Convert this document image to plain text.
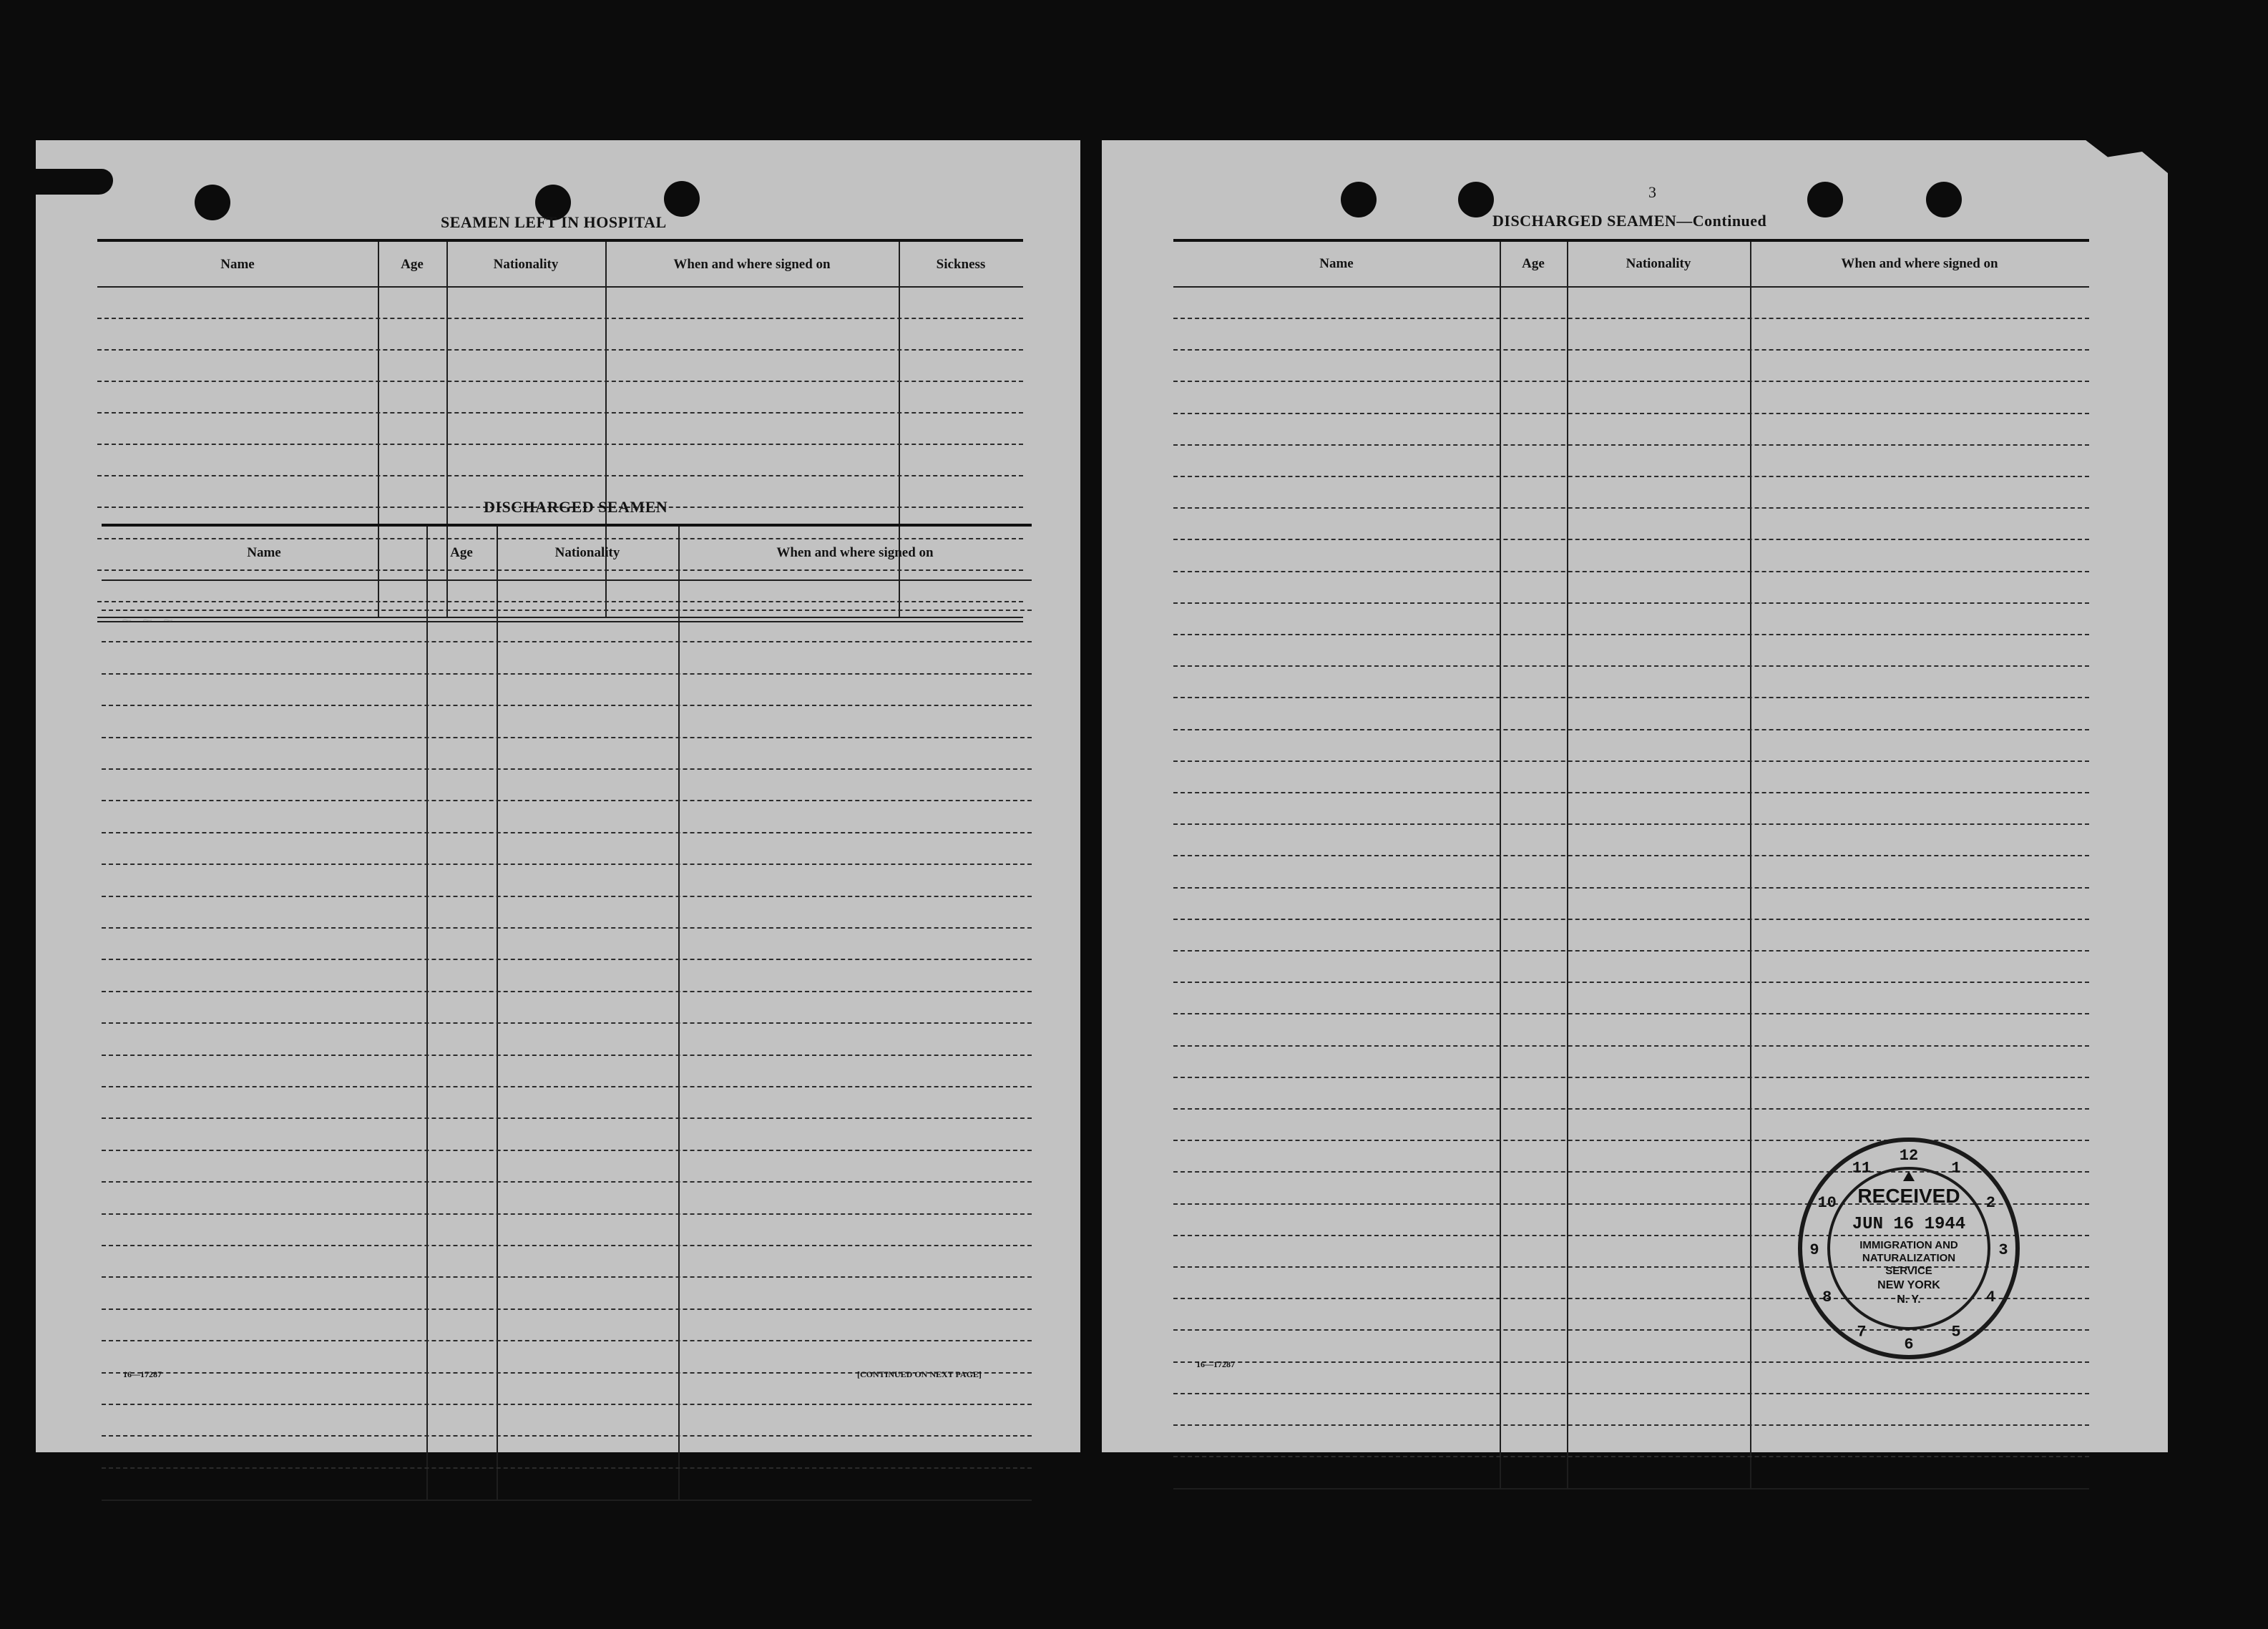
SEAMEN LEFT IN HOSPITAL
Name	Age	Nationality	When and where signed on	Sickness
DISCHARGED SEAMEN
Name	Age	Nationality	When and where signed on
16—17287	[CONTINUED ON NEXT PAGE]
~ ~ ~
3
DISCHARGED SEAMEN—Continued
Name	Age	Nationality	When and where signed on
16—17287
12
1
2
3
4
5
6
7
8
9
10
11
RECEIVED
JUN 16 1944
IMMIGRATION AND
NATURALIZATION
SERVICE
NEW YORK
N. Y.
